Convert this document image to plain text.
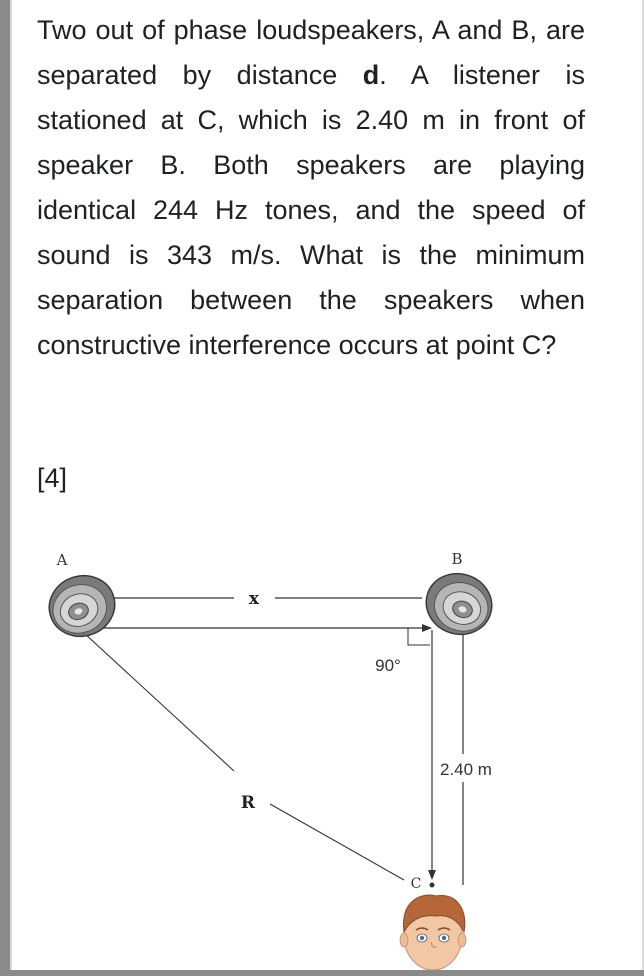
Two out of phase loudspeakers, A and B, are separated by distance d. A listener is stationed at C, which is 2.40 m in front of speaker B. Both speakers are playing identical 244 Hz tones, and the speed of sound is 343 m/s. What is the minimum separation between the speakers when constructive interference occurs at point C?

[4]
A	B
x
90°
2.40 m
R
C
